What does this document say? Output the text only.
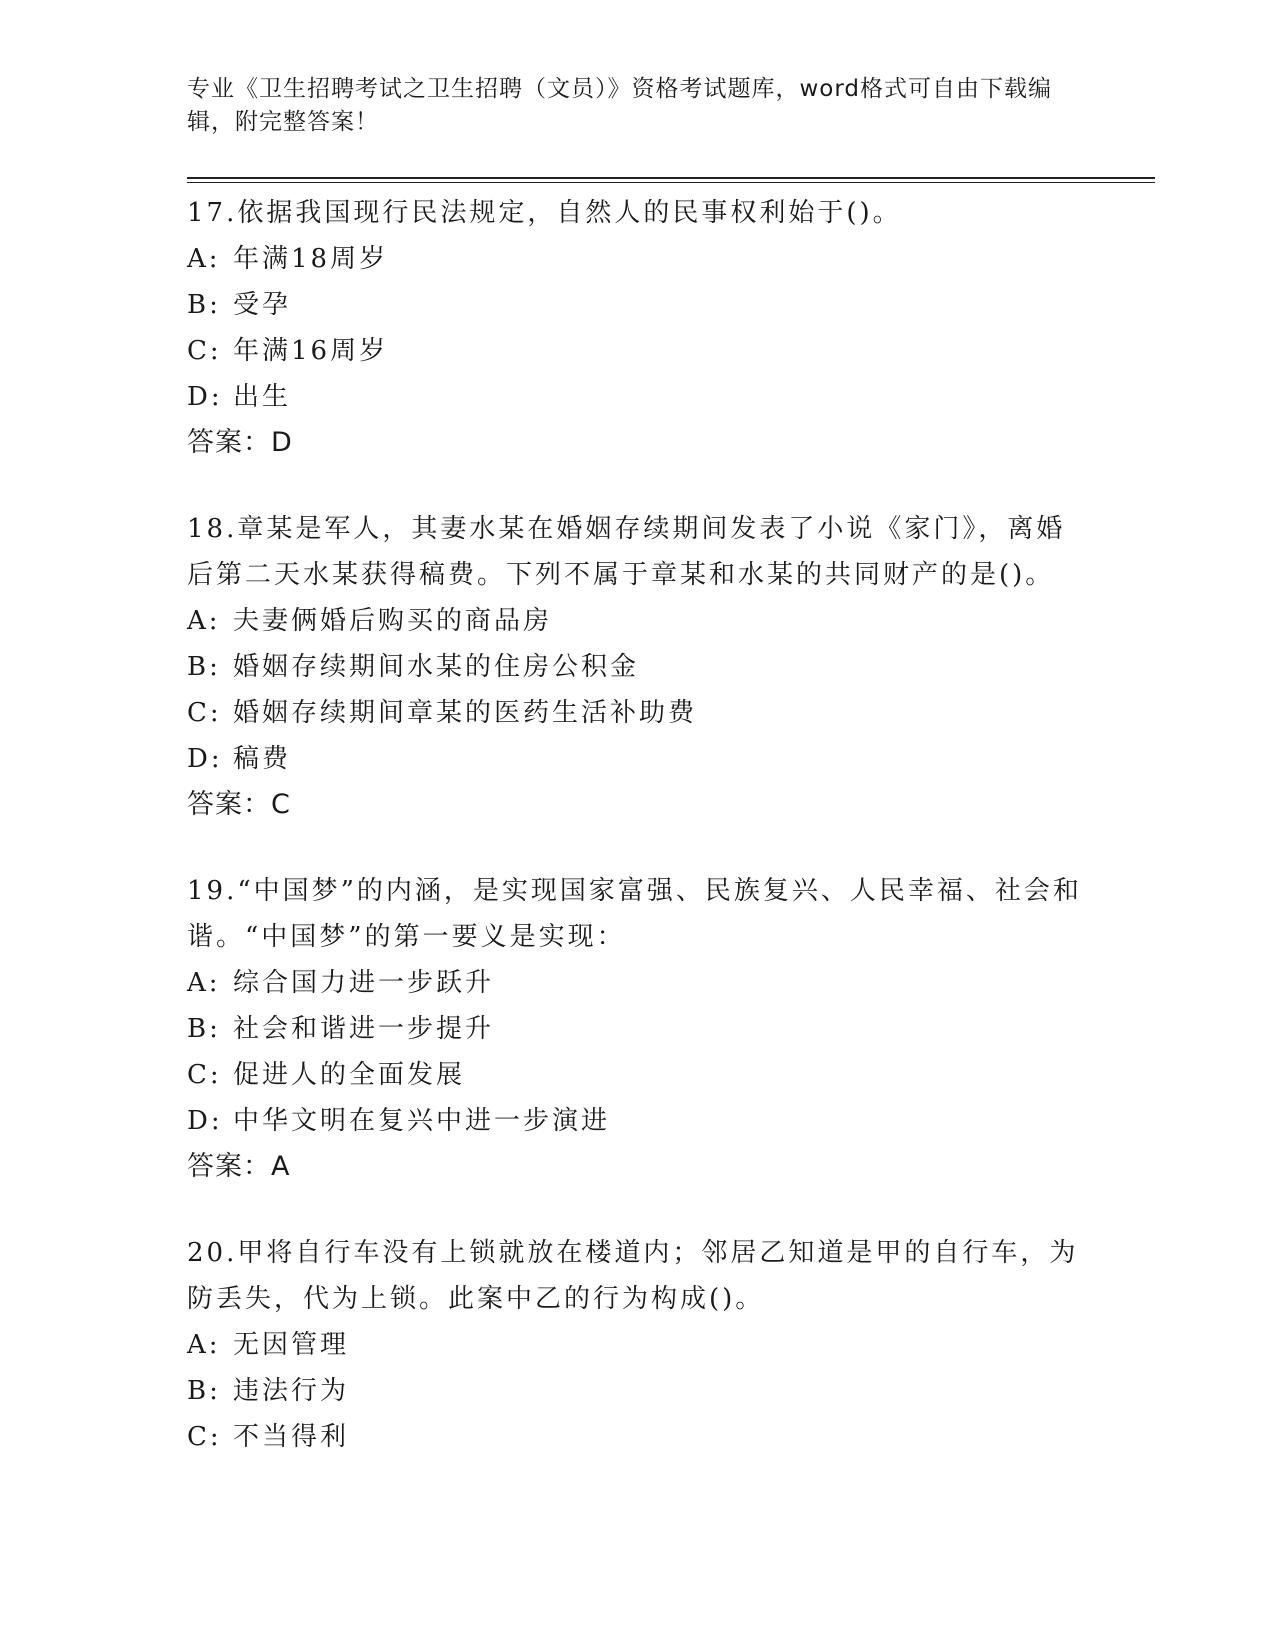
专业《卫生招聘考试之卫生招聘（文员）》资格考试题库，word格式可自由下载编辑，附完整答案！

17.依据我国现行民法规定，自然人的民事权利始于()。

A: 年满18周岁
B: 受孕
C: 年满16周岁
D: 出生

答案：D

18.章某是军人，其妻水某在婚姻存续期间发表了小说《家门》，离婚后第二天水某获得稿费。下列不属于章某和水某的共同财产的是()。

A: 夫妻俩婚后购买的商品房
B: 婚姻存续期间水某的住房公积金
C: 婚姻存续期间章某的医药生活补助费
D: 稿费

答案：C

19.“中国梦”的内涵，是实现国家富强、民族复兴、人民幸福、社会和谐。“中国梦”的第一要义是实现：

A: 综合国力进一步跃升
B: 社会和谐进一步提升
C: 促进人的全面发展
D: 中华文明在复兴中进一步演进

答案：A

20.甲将自行车没有上锁就放在楼道内；邻居乙知道是甲的自行车，为防丢失，代为上锁。此案中乙的行为构成()。

A: 无因管理
B: 违法行为
C: 不当得利
